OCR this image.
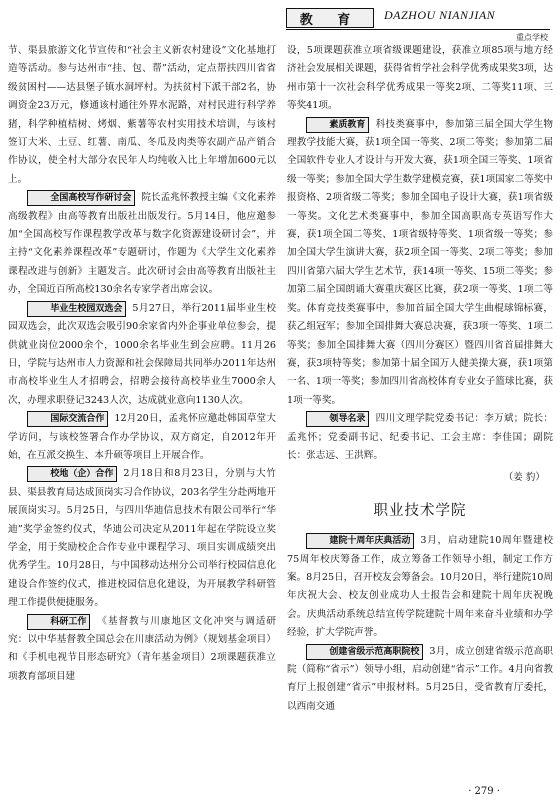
教 育	DAZHOU NIANJIAN
重点学校

节、渠县旅游文化节宣传和“社会主义新农村建设”文化基地打造等活动。参与达州市“挂、包、帮”活动，定点帮扶四川省省级贫困村——达县堡子镇水洞坪村。为扶贫村下派干部2名，协调资金23万元，修通该村通往外界水泥路，对村民进行科学养猪，科学种植桔树、烤烟、紫薯等农村实用技术培训，与该村签订大米、土豆、红薯、南瓜、冬瓜及肉类等农副产品产销合作协议，使全村大部分农民年人均纯收入比上年增加600元以上。

全国高校写作研讨会 院长孟兆怀教授主编《文化素养高级教程》由高等教育出版社出版发行。5月14日，他应邀参加“全国高校写作课程教学改革与数字化资源建设研讨会”，并主持“文化素养课程改革”专题研讨，作题为《大学生文化素养课程改进与创新》主题发言。此次研讨会由高等教育出版社主办，全国近百所高校130余名专家学者出席会议。

毕业生校园双选会 5月27日，举行2011届毕业生校园双选会，此次双选会吸引90余家省内外企事业单位参会，提供就业岗位2000余个，1000余名毕业生到会应聘。11月26日，学院与达州市人力资源和社会保障局共同举办2011年达州市高校毕业生人才招聘会，招聘会接待高校毕业生7000余人次，办理求职登记3243人次，达成就业意向1130人次。

国际交流合作 12月20日，孟兆怀应邀赴韩国草堂大学访问，与该校签署合作办学协议，双方商定，自2012年开始，在互派交换生、本升硕等项目上开展合作。

校地（企）合作 2月18日和8月23日，分别与大竹县、渠县教育局达成顶岗实习合作协议，203名学生分赴两地开展顶岗实习。5月25日，与四川华迪信息技术有限公司举行“华迪”奖学金签约仪式，华迪公司决定从2011年起在学院设立奖学金，用于奖励校企合作专业中课程学习、项目实训成绩突出优秀学生。10月28日，与中国移动达州分公司举行校园信息化建设合作签约仪式，推进校园信息化建设，为开展教学科研管理工作提供便捷服务。

科研工作 《基督教与川康地区文化冲突与调适研究：以中华基督教全国总会在川康活动为例》（规划基金项目）和《手机电视节目形态研究》（青年基金项目）2项课题获准立项教育部项目建

设，5项课题获准立项省级课题建设，获准立项85项与地方经济社会发展相关课题，获得省哲学社会科学优秀成果奖3项，达州市第十一次社会科学优秀成果一等奖2项、二等奖11项、三等奖41项。

素质教育 科技类赛事中，参加第三届全国大学生物理教学技能大赛，获1项全国一等奖、2项二等奖；参加第二届全国软件专业人才设计与开发大赛，获1项全国三等奖、1项省级一等奖；参加全国大学生数学建模竞赛，获1项国家二等奖中报资格、2项省级二等奖；参加全国电子设计大赛，获1项省级一等奖。文化艺术类赛事中，参加全国高职高专英语写作大赛，获1项全国二等奖、1项省级特等奖、1项省级一等奖；参加全国大学生演讲大赛，获2项全国一等奖、2项二等奖；参加四川省第六届大学生艺术节，获14项一等奖、15项二等奖；参加第二届全国朗诵大赛重庆赛区比赛，获2项一等奖、1项二等奖。体育竞技类赛事中，参加首届全国大学生曲棍球锦标赛，获乙组冠军；参加全国排舞大赛总决赛，获3项一等奖、1项二等奖；参加全国排舞大赛（四川分赛区）暨四川省首届排舞大赛，获3项特等奖；参加第十届全国万人健美操大赛，获1项第一名、1项一等奖；参加四川省高校体育专业女子篮球比赛，获1项一等奖。

领导名录 四川文理学院党委书记：李万斌；院长：孟兆怀；党委副书记、纪委书记、工会主席：李佳国；副院长：张志远、王洪辉。

（姜 豹）
职业技术学院

建院十周年庆典活动 3月，启动建院10周年暨建校75周年校庆筹备工作，成立筹备工作领导小组，制定工作方案。8月25日，召开校友会筹备会。10月20日，举行建院10周年庆祝大会、校友创业成功人士报告会和建院十周年庆祝晚会。庆典活动系统总结宣传学院建院十周年来奋斗业绩和办学经验，扩大学院声誉。

创建省级示范高职院校 3月，成立创建省级示范高职院（简称“省示”）领导小组，启动创建“省示”工作。4月向省教育厅上报创建“省示”申报材料。5月25日，受省教育厅委托，以西南交通

· 279 ·
